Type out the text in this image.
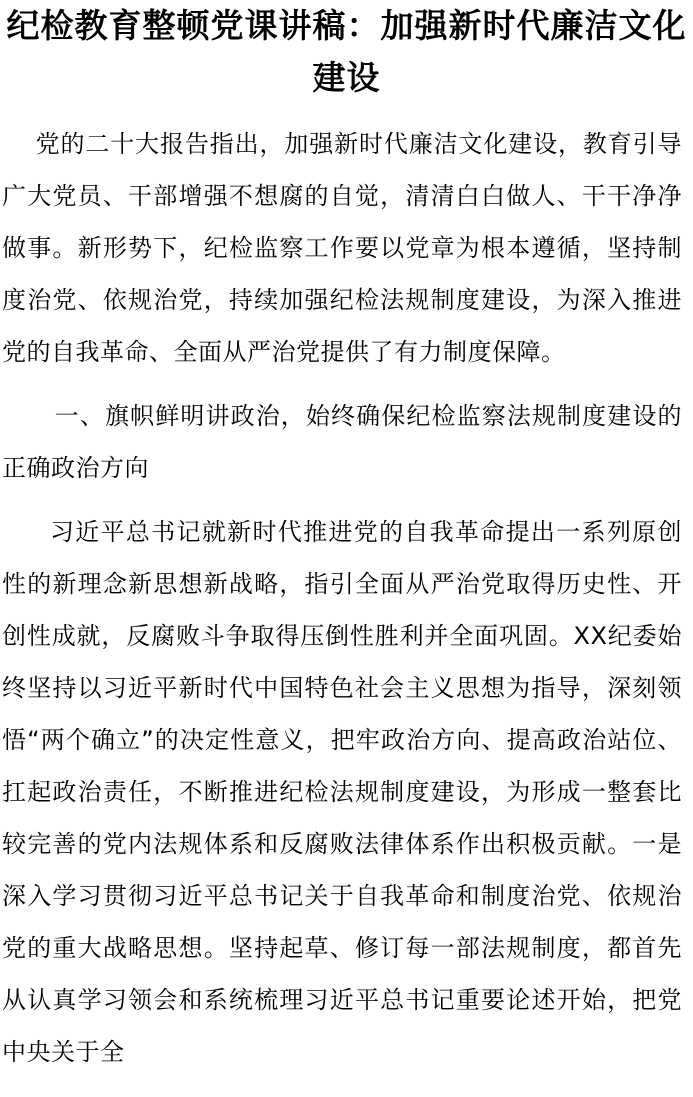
纪检教育整顿党课讲稿：加强新时代廉洁文化建设

党的二十大报告指出，加强新时代廉洁文化建设，教育引导广大党员、干部增强不想腐的自觉，清清白白做人、干干净净做事。新形势下，纪检监察工作要以党章为根本遵循，坚持制度治党、依规治党，持续加强纪检法规制度建设，为深入推进党的自我革命、全面从严治党提供了有力制度保障。

一、旗帜鲜明讲政治，始终确保纪检监察法规制度建设的正确政治方向

习近平总书记就新时代推进党的自我革命提出一系列原创性的新理念新思想新战略，指引全面从严治党取得历史性、开创性成就，反腐败斗争取得压倒性胜利并全面巩固。XX纪委始终坚持以习近平新时代中国特色社会主义思想为指导，深刻领悟“两个确立”的决定性意义，把牢政治方向、提高政治站位、扛起政治责任，不断推进纪检法规制度建设，为形成一整套比较完善的党内法规体系和反腐败法律体系作出积极贡献。一是深入学习贯彻习近平总书记关于自我革命和制度治党、依规治党的重大战略思想。坚持起草、修订每一部法规制度，都首先从认真学习领会和系统梳理习近平总书记重要论述开始，把党中央关于全
